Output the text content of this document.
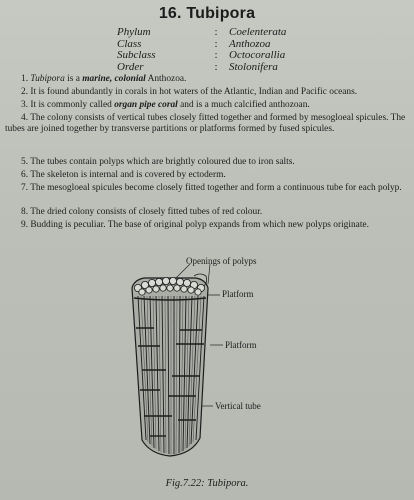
16. Tubipora
Phylum	:	Coelenterata
Class	:	Anthozoa
Subclass	:	Octocorallia
Order	:	Stolonifera
1. Tubipora is a marine, colonial Anthozoa.
2. It is found abundantly in corals in hot waters of the Atlantic, Indian and Pacific oceans.
3. It is commonly called organ pipe coral and is a much calcified anthozoan.
4. The colony consists of vertical tubes closely fitted together and formed by mesogloeal spicules. The tubes are joined together by transverse partitions or platforms formed by fused spicules.
5. The tubes contain polyps which are brightly coloured due to iron salts.
6. The skeleton is internal and is covered by ectoderm.
7. The mesogloeal spicules become closely fitted together and form a continuous tube for each polyp.
8. The dried colony consists of closely fitted tubes of red colour.
9. Budding is peculiar. The base of original polyp expands from which new polyps originate.
Openings of polyps
Platform
Platform
Vertical tube
Fig.7.22: Tubipora.
